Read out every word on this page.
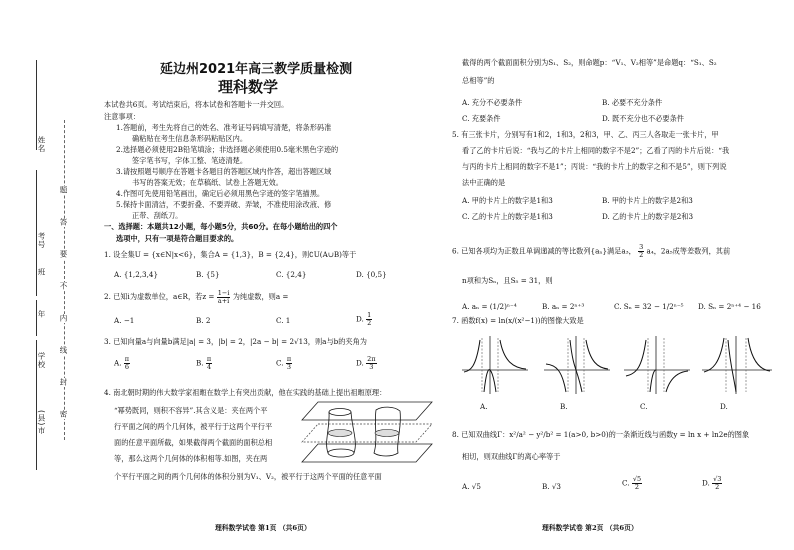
姓名
考号
班
年
学校
(县)市
题
答
要
不
内
线
封
密
延边州2021年高三教学质量检测
理科数学
本试卷共6页。考试结束后，将本试卷和答题卡一并交回。
注意事项：
1.答题前，考生先将自己的姓名、准考证号码填写清楚，将条形码准
确粘贴在考生信息条形码粘贴区内。
2.选择题必须使用2B铅笔填涂；非选择题必须使用0.5毫米黑色字迹的
签字笔书写，字体工整、笔迹清楚。
3.请按照题号顺序在答题卡各题目的答题区域内作答，超出答题区域
书写的答案无效；在草稿纸、试卷上答题无效。
4.作图可先使用铅笔画出，确定后必须用黑色字迹的签字笔描黑。
5.保持卡面清洁，不要折叠、不要弄破、弄皱，不准使用涂改液、修
正带、刮纸刀。
一、选择题：本题共12小题，每小题5分，共60分。在每小题给出的四个
选项中，只有一项是符合题目要求的。
1. 设全集U = {x∈N|x<6}，集合A = {1,3}，B = {2,4}，则∁U(A∪B)等于
A. {1,2,3,4}	B. {5}	C. {2,4}	D. {0,5}
2. 已知i为虚数单位，a∈R，若$z = \frac{1-i}{a+i}$ 为纯虚数，则a =
A. −1	B. 2	C. 1	D. $\frac{1}{2}$
3. 已知向量a与向量b满足|a| = 3，|b| = 2，|2a − b| = 2√13，则a与b的夹角为
A. $\frac{\pi}{6}$	B. $\frac{\pi}{4}$	C. $\frac{\pi}{3}$	D. $\frac{2\pi}{3}$
4. 南北朝时期的伟大数学家祖暅在数学上有突出贡献，他在实践的基础上提出祖暅原理：
“幂势既同，则积不容异”.其含义是：夹在两个平
行平面之间的两个几何体，被平行于这两个平行平
面的任意平面所截，如果截得两个截面的面积总相
等，那么这两个几何体的体积相等.如图，夹在两
个平行平面之间的两个几何体的体积分别为V₁、V₂，被平行于这两个平面的任意平面
理科数学试卷 第1页 （共6页）
截得的两个截面面积分别为S₁、S₂，则命题p：“V₁、V₂相等”是命题q：“S₁、S₂
总相等”的
A. 充分不必要条件	B. 必要不充分条件
C. 充要条件	D. 既不充分也不必要条件
5. 有三张卡片，分别写有1和2，1和3，2和3，甲、乙、丙三人各取走一张卡片，甲
看了乙的卡片后说：“我与乙的卡片上相同的数字不是2”；乙看了丙的卡片后说：“我
与丙的卡片上相同的数字不是1”；丙说：“我的卡片上的数字之和不是5”，则下列说
法中正确的是
A. 甲的卡片上的数字是1和3	B. 甲的卡片上的数字是2和3
C. 乙的卡片上的数字是1和3	D. 乙的卡片上的数字是2和3
6. 已知各项均为正数且单调递减的等比数列{aₙ}满足a₃， $\frac{3}{2} a_4$，2a₅成等差数列，其前
n项和为Sₙ，且S₅ = 31，则
A. aₙ = (1/2)ⁿ⁻⁴	B. aₙ = 2ⁿ⁺³	C. Sₙ = 32 − 1/2ⁿ⁻⁵ D. Sₙ = 2ⁿ⁺⁴ − 16
7. 函数f(x) = ln(x/(x²−1))的图像大致是
A.	B.	C.	D.
8. 已知双曲线Γ：x²/a² − y²/b² = 1(a>0, b>0)的一条渐近线与函数y = ln x + ln2e的图象
相切，则双曲线Γ的离心率等于
A. √5	B. √3	C. $\frac{√5}{2}$	D. $\frac{√3}{2}$
理科数学试卷 第2页 （共6页）
